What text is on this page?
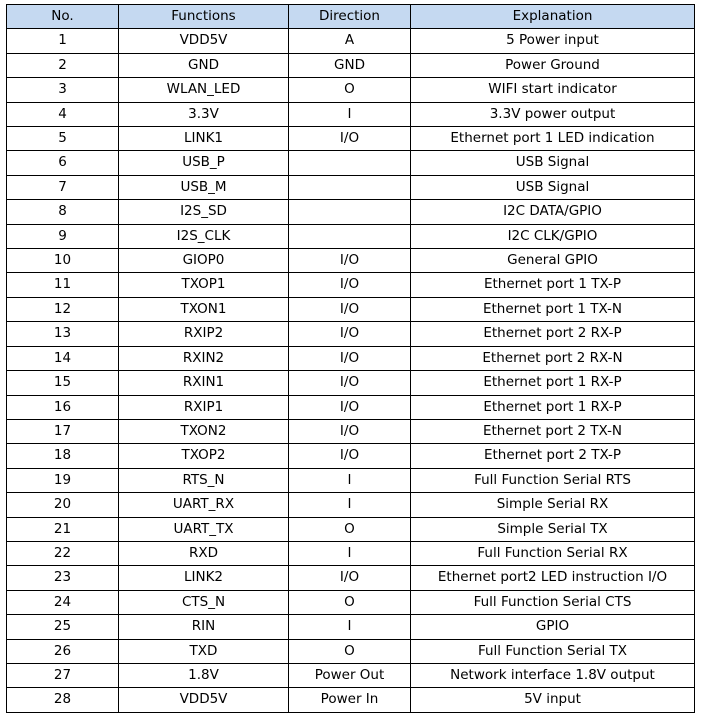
No.	Functions	Direction	Explanation
1	VDD5V	A	5 Power input
2	GND	GND	Power Ground
3	WLAN_LED	O	WIFI start indicator
4	3.3V	I	3.3V power output
5	LINK1	I/O	Ethernet port 1 LED indication
6	USB_P		USB Signal
7	USB_M		USB Signal
8	I2S_SD		I2C DATA/GPIO
9	I2S_CLK		I2C CLK/GPIO
10	GIOP0	I/O	General GPIO
11	TXOP1	I/O	Ethernet port 1 TX-P
12	TXON1	I/O	Ethernet port 1 TX-N
13	RXIP2	I/O	Ethernet port 2 RX-P
14	RXIN2	I/O	Ethernet port 2 RX-N
15	RXIN1	I/O	Ethernet port 1 RX-P
16	RXIP1	I/O	Ethernet port 1 RX-P
17	TXON2	I/O	Ethernet port 2 TX-N
18	TXOP2	I/O	Ethernet port 2 TX-P
19	RTS_N	I	Full Function Serial RTS
20	UART_RX	I	Simple Serial RX
21	UART_TX	O	Simple Serial TX
22	RXD	I	Full Function Serial RX
23	LINK2	I/O	Ethernet port2 LED instruction I/O
24	CTS_N	O	Full Function Serial CTS
25	RIN	I	GPIO
26	TXD	O	Full Function Serial TX
27	1.8V	Power Out	Network interface 1.8V output
28	VDD5V	Power In	5V input
